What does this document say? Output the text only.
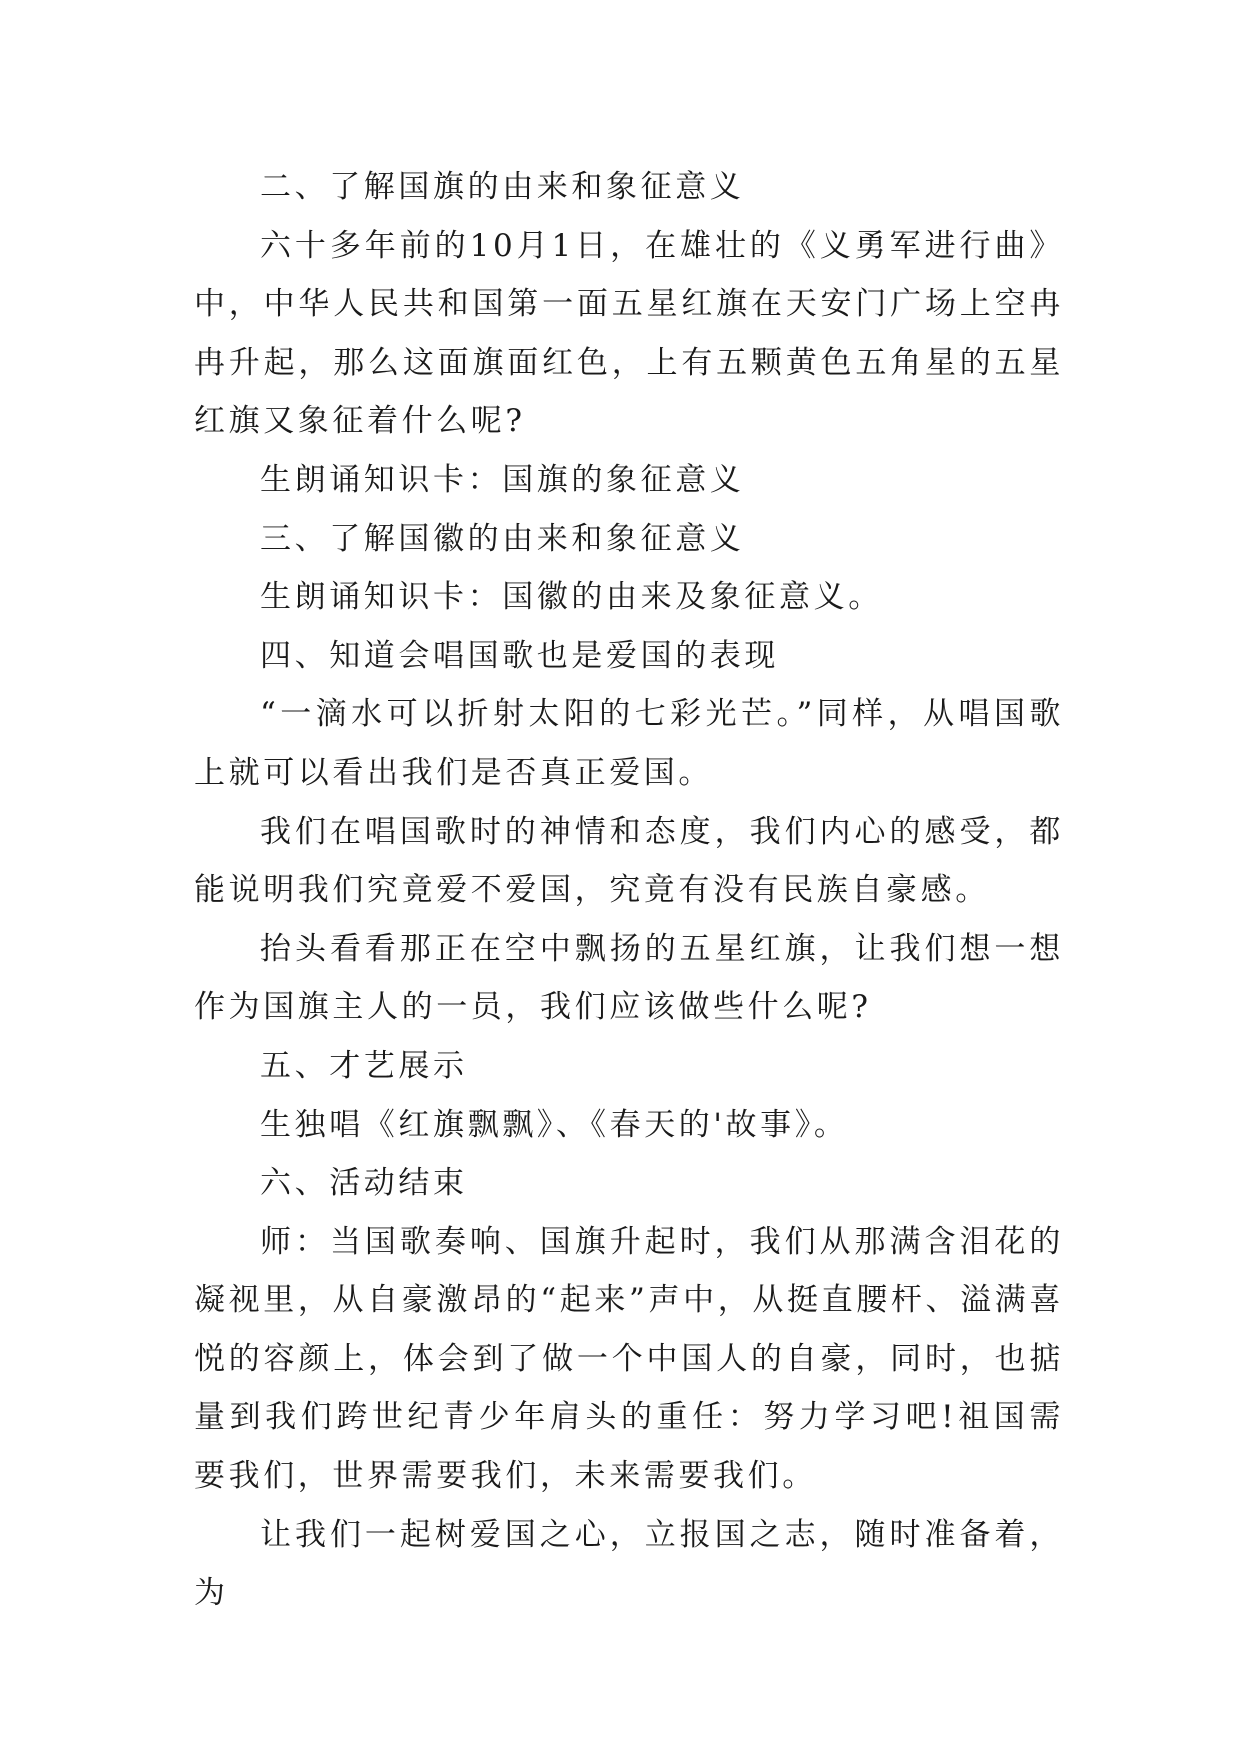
二、了解国旗的由来和象征意义

六十多年前的10月1日，在雄壮的《义勇军进行曲》中，中华人民共和国第一面五星红旗在天安门广场上空冉冉升起，那么这面旗面红色，上有五颗黄色五角星的五星红旗又象征着什么呢?

生朗诵知识卡：国旗的象征意义

三、了解国徽的由来和象征意义

生朗诵知识卡：国徽的由来及象征意义。

四、知道会唱国歌也是爱国的表现

“一滴水可以折射太阳的七彩光芒。”同样，从唱国歌上就可以看出我们是否真正爱国。

我们在唱国歌时的神情和态度，我们内心的感受，都能说明我们究竟爱不爱国，究竟有没有民族自豪感。

抬头看看那正在空中飘扬的五星红旗，让我们想一想作为国旗主人的一员，我们应该做些什么呢?

五、才艺展示

生独唱《红旗飘飘》、《春天的'故事》。

六、活动结束

师：当国歌奏响、国旗升起时，我们从那满含泪花的凝视里，从自豪激昂的“起来”声中，从挺直腰杆、溢满喜悦的容颜上，体会到了做一个中国人的自豪，同时，也掂量到我们跨世纪青少年肩头的重任：努力学习吧!祖国需要我们，世界需要我们，未来需要我们。

让我们一起树爱国之心，立报国之志，随时准备着，为
